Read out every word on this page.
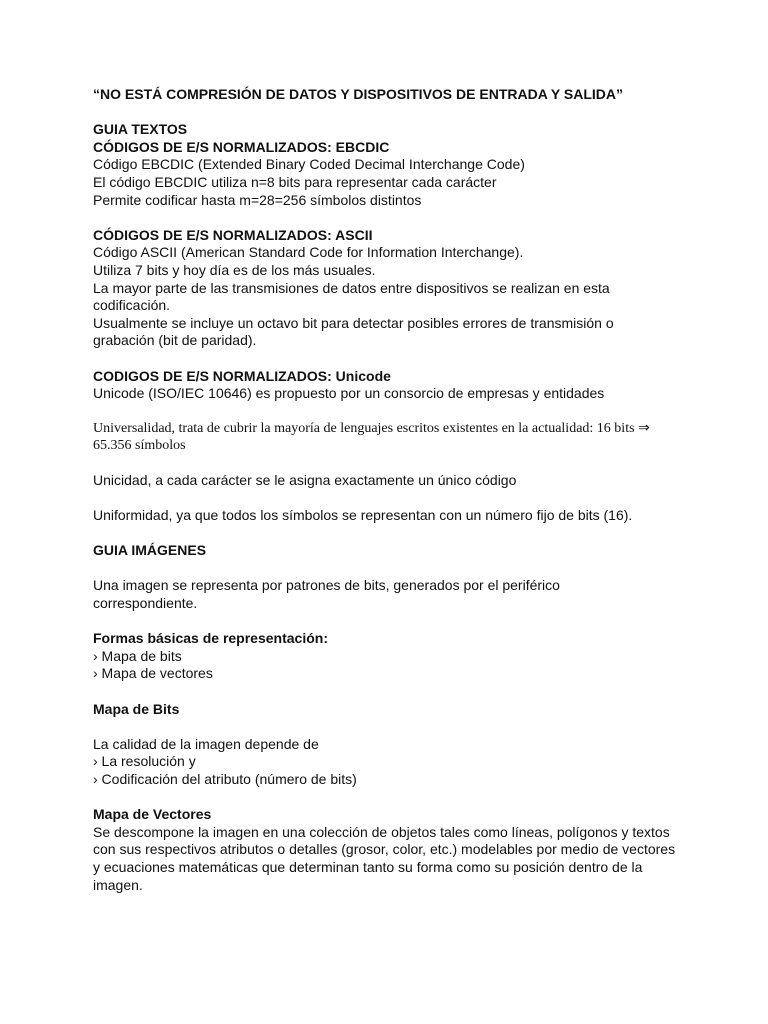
“NO ESTÁ COMPRESIÓN DE DATOS Y DISPOSITIVOS DE ENTRADA Y SALIDA”
GUIA TEXTOS
CÓDIGOS DE E/S NORMALIZADOS: EBCDIC
Código EBCDIC (Extended Binary Coded Decimal Interchange Code)
El código EBCDIC utiliza n=8 bits para representar cada carácter
Permite codificar hasta m=28=256 símbolos distintos
CÓDIGOS DE E/S NORMALIZADOS: ASCII
Código ASCII (American Standard Code for Information Interchange).
Utiliza 7 bits y hoy día es de los más usuales.
La mayor parte de las transmisiones de datos entre dispositivos se realizan en esta codificación.
Usualmente se incluye un octavo bit para detectar posibles errores de transmisión o grabación (bit de paridad).
CODIGOS DE E/S NORMALIZADOS: Unicode
Unicode (ISO/IEC 10646) es propuesto por un consorcio de empresas y entidades
Universalidad, trata de cubrir la mayoría de lenguajes escritos existentes en la actualidad: 16 bits ⇒ 65.356 símbolos
Unicidad, a cada carácter se le asigna exactamente un único código
Uniformidad, ya que todos los símbolos se representan con un número fijo de bits (16).
GUIA IMÁGENES
Una imagen se representa por patrones de bits, generados por el periférico correspondiente.
Formas básicas de representación:
› Mapa de bits
› Mapa de vectores
Mapa de Bits
La calidad de la imagen depende de
› La resolución y
› Codificación del atributo (número de bits)
Mapa de Vectores
Se descompone la imagen en una colección de objetos tales como líneas, polígonos y textos con sus respectivos atributos o detalles (grosor, color, etc.) modelables por medio de vectores y ecuaciones matemáticas que determinan tanto su forma como su posición dentro de la imagen.
